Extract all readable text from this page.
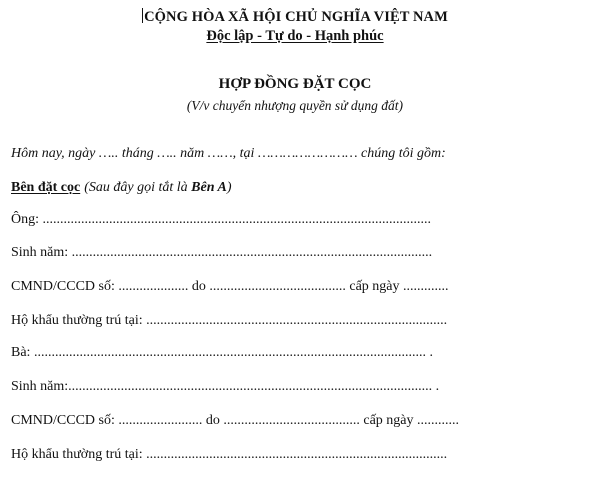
CỘNG HÒA XÃ HỘI CHỦ NGHĨA VIỆT NAM
Độc lập - Tự do - Hạnh phúc
HỢP ĐỒNG ĐẶT CỌC
(V/v chuyển nhượng quyền sử dụng đất)
Hôm nay, ngày ….. tháng ….. năm ……, tại …………………… chúng tôi gồm:
Bên đặt cọc (Sau đây gọi tắt là Bên A)
Ông: ...............................................................................................................
Sinh năm: .......................................................................................................
CMND/CCCD số: .................... do ....................................... cấp ngày .............
Hộ khẩu thường trú tại: ......................................................................................
Bà: ................................................................................................................ .
Sinh năm:........................................................................................................ .
CMND/CCCD số: ........................ do ....................................... cấp ngày ............
Hộ khẩu thường trú tại: ......................................................................................
